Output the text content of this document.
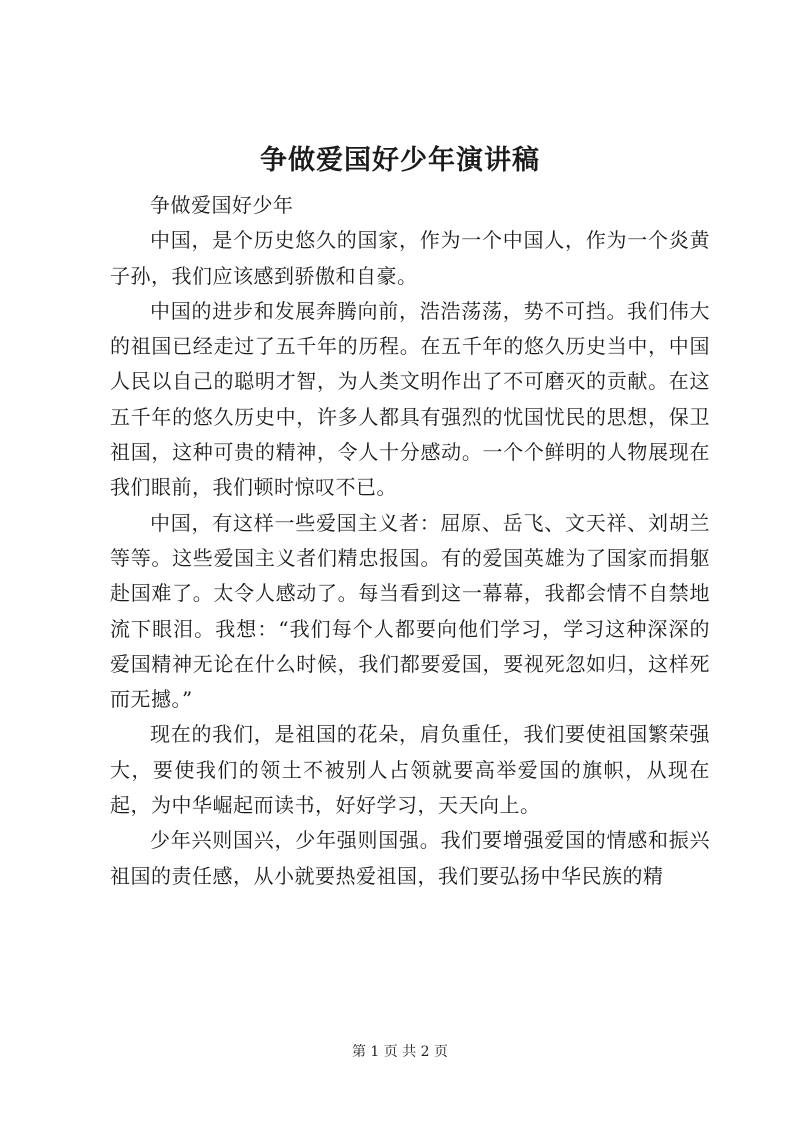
争做爱国好少年演讲稿

争做爱国好少年

中国，是个历史悠久的国家，作为一个中国人，作为一个炎黄子孙，我们应该感到骄傲和自豪。

中国的进步和发展奔腾向前，浩浩荡荡，势不可挡。我们伟大的祖国已经走过了五千年的历程。在五千年的悠久历史当中，中国人民以自己的聪明才智，为人类文明作出了不可磨灭的贡献。在这五千年的悠久历史中，许多人都具有强烈的忧国忧民的思想，保卫祖国，这种可贵的精神，令人十分感动。一个个鲜明的人物展现在我们眼前，我们顿时惊叹不已。

中国，有这样一些爱国主义者：屈原、岳飞、文天祥、刘胡兰等等。这些爱国主义者们精忠报国。有的爱国英雄为了国家而捐躯赴国难了。太令人感动了。每当看到这一幕幕，我都会情不自禁地流下眼泪。我想：“我们每个人都要向他们学习，学习这种深深的爱国精神无论在什么时候，我们都要爱国，要视死忽如归，这样死而无撼。”

现在的我们，是祖国的花朵，肩负重任，我们要使祖国繁荣强大，要使我们的领土不被别人占领就要高举爱国的旗帜，从现在起，为中华崛起而读书，好好学习，天天向上。

少年兴则国兴，少年强则国强。我们要增强爱国的情感和振兴祖国的责任感，从小就要热爱祖国，我们要弘扬中华民族的精

第 1 页 共 2 页
